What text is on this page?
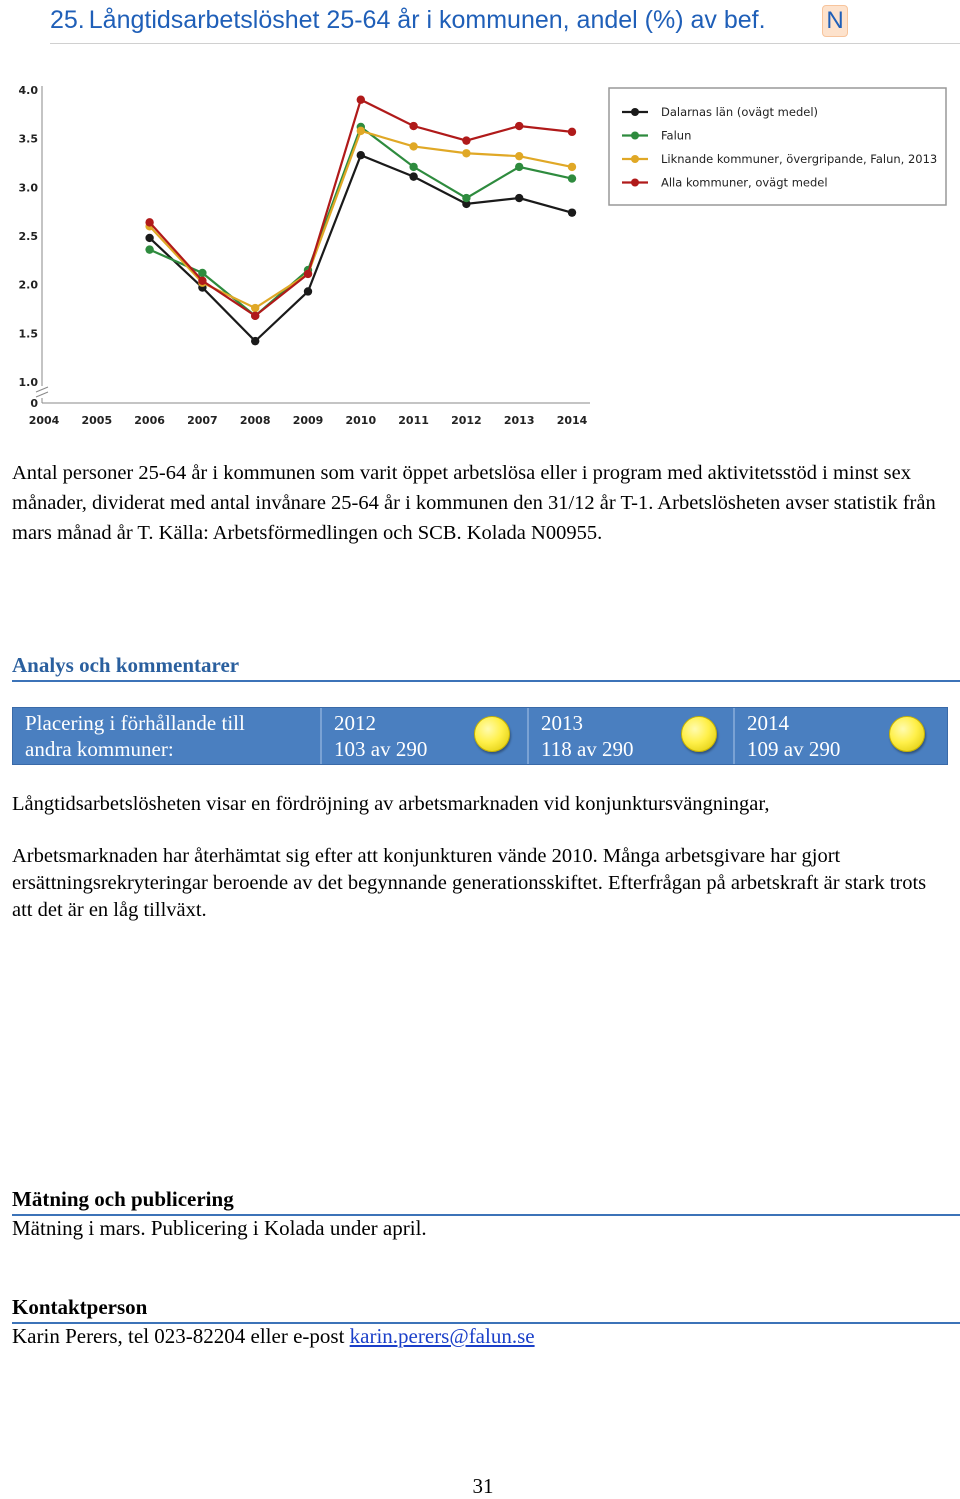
25. Långtidsarbetslöshet 25-64 år i kommunen, andel (%) av bef.	N
1.0
1.5
2.0
2.5
3.0
3.5
4.0
0
2004 2005 2006 2007 2008 2009 2010 2011 2012 2013 2014
Dalarnas län (ovägt medel)
Falun
Liknande kommuner, övergripande, Falun, 2013
Alla kommuner, ovägt medel
Antal personer 25-64 år i kommunen som varit öppet arbetslösa eller i program med aktivitetsstöd i minst sex månader, dividerat med antal invånare 25-64 år i kommunen den 31/12 år T-1. Arbetslösheten avser statistik från mars månad år T. Källa: Arbetsförmedlingen och SCB. Kolada N00955.
Analys och kommentarer
Placering i förhållande till
andra kommuner:
2012
103 av 290
2013
118 av 290
2014
109 av 290
Långtidsarbetslösheten visar en fördröjning av arbetsmarknaden vid konjunktursvängningar,
Arbetsmarknaden har återhämtat sig efter att konjunkturen vände 2010. Många arbetsgivare har gjort ersättningsrekryteringar beroende av det begynnande generationsskiftet. Efterfrågan på arbetskraft är stark trots att det är en låg tillväxt.
Mätning och publicering
Mätning i mars. Publicering i Kolada under april.
Kontaktperson
Karin Perers, tel 023-82204 eller e-post karin.perers@falun.se
31
